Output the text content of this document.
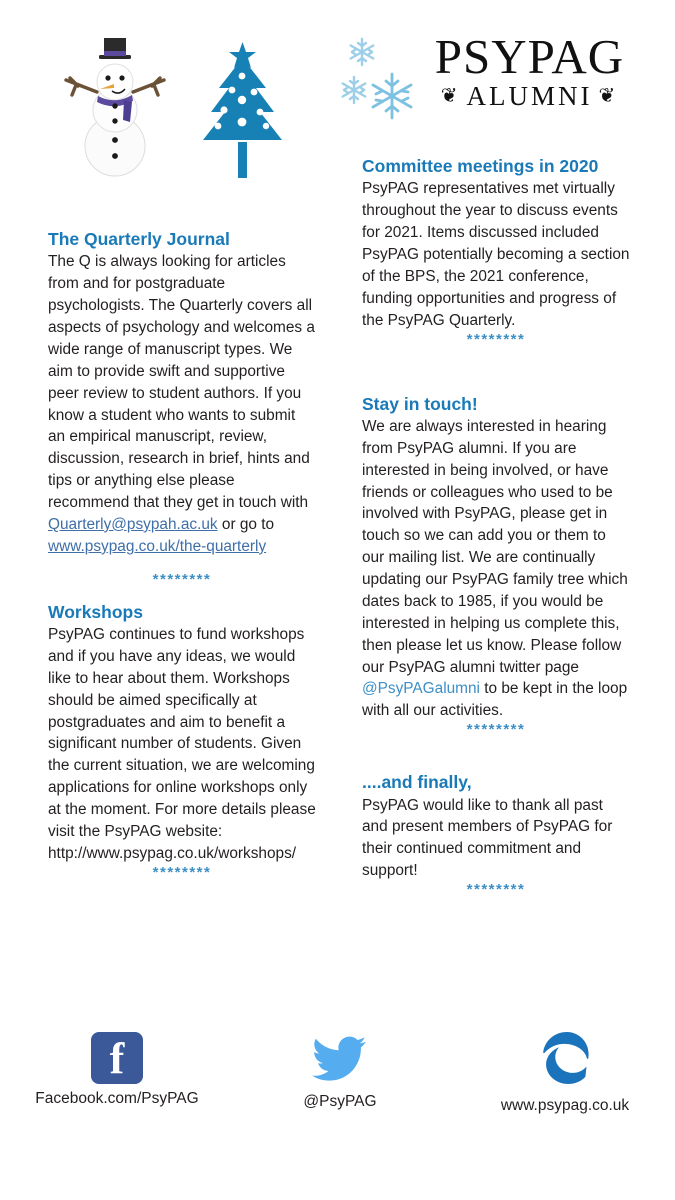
PSYPAG
❦ ALUMNI ❦
The Quarterly Journal

The Q is always looking for articles from and for postgraduate psychologists. The Quarterly covers all aspects of psychology and welcomes a wide range of manuscript types. We aim to provide swift and supportive peer review to student authors. If you know a student who wants to submit an empirical manuscript, review, discussion, research in brief, hints and tips or anything else please recommend that they get in touch with Quarterly@psypah.ac.uk or go to www.psypag.co.uk/the-quarterly

********
Workshops

PsyPAG continues to fund workshops and if you have any ideas, we would like to hear about them. Workshops should be aimed specifically at postgraduates and aim to benefit a significant number of students. Given the current situation, we are welcoming applications for online workshops only at the moment. For more details please visit the PsyPAG website: http://www.psypag.co.uk/workshops/

********
Committee meetings in 2020

PsyPAG representatives met virtually throughout the year to discuss events for 2021. Items discussed included PsyPAG potentially becoming a section of the BPS, the 2021 conference, funding opportunities and progress of the PsyPAG Quarterly.

********
Stay in touch!

We are always interested in hearing from PsyPAG alumni. If you are interested in being involved, or have friends or colleagues who used to be involved with PsyPAG, please get in touch so we can add you or them to our mailing list. We are continually updating our PsyPAG family tree which dates back to 1985, if you would be interested in helping us complete this, then please let us know. Please follow our PsyPAG alumni twitter page @PsyPAGalumni to be kept in the loop with all our activities.

********
....and finally,

PsyPAG would like to thank all past and present members of PsyPAG for their continued commitment and support!

********
f
Facebook.com/PsyPAG	@PsyPAG	www.psypag.co.uk
